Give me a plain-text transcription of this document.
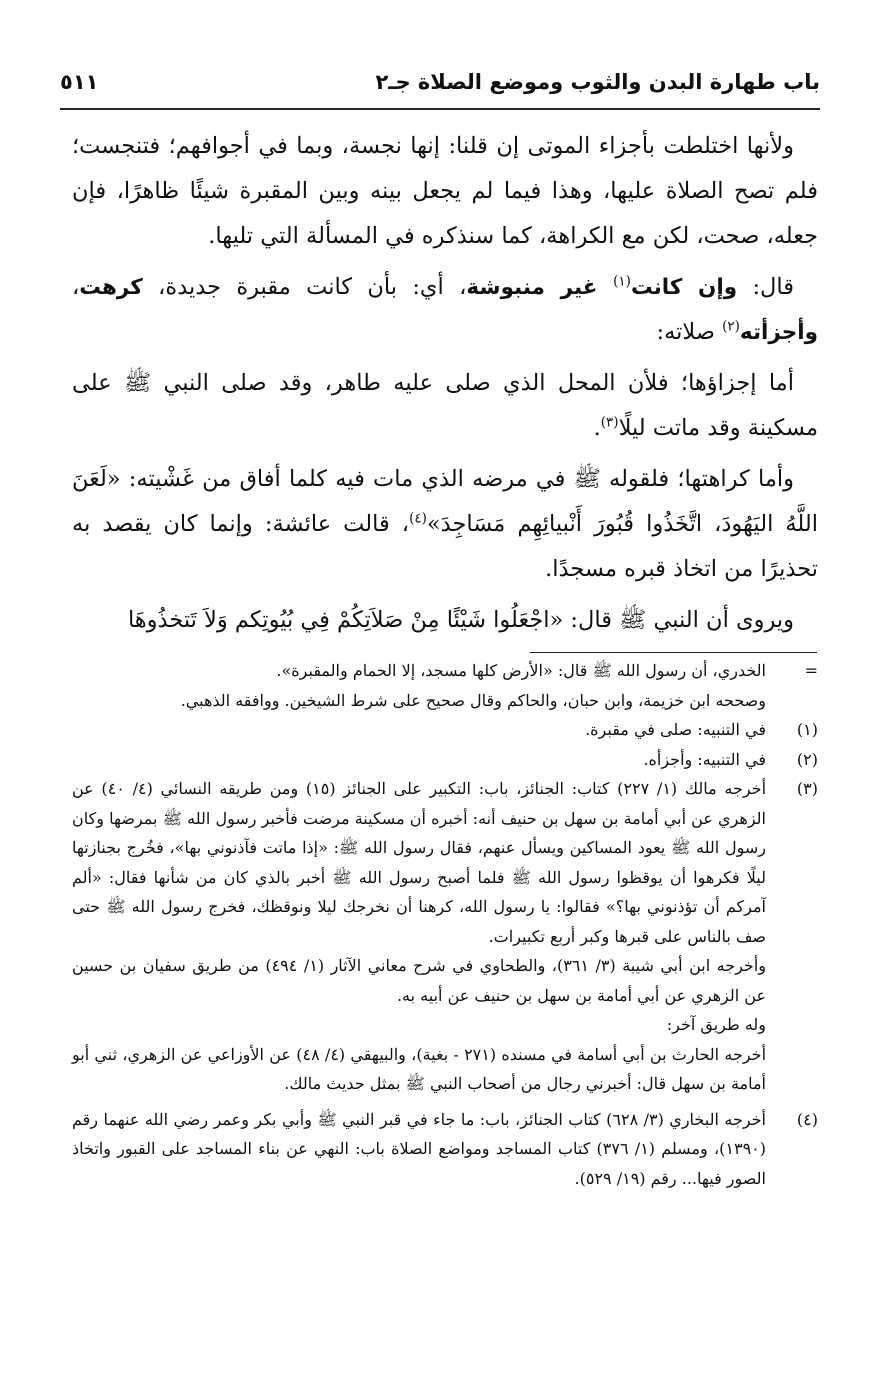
باب طهارة البدن والثوب وموضع الصلاة جـ٢
٥١١

ولأنها اختلطت بأجزاء الموتى إن قلنا: إنها نجسة، وبما في أجوافهم؛ فتنجست؛ فلم تصح الصلاة عليها، وهذا فيما لم يجعل بينه وبين المقبرة شيئًا ظاهرًا، فإن جعله، صحت، لكن مع الكراهة، كما سنذكره في المسألة التي تليها.

قال: وإن كانت$^{(١)}$ غير منبوشة، أي: بأن كانت مقبرة جديدة، كرهت، وأجزأته$^{(٢)}$ صلاته:

أما إجزاؤها؛ فلأن المحل الذي صلى عليه طاهر، وقد صلى النبي ﷺ على مسكينة وقد ماتت ليلًا$^{(٣)}$.

وأما كراهتها؛ فلقوله ﷺ في مرضه الذي مات فيه كلما أفاق من غَشْيته: «لَعَنَ اللَّهُ اليَهُودَ، اتَّخَذُوا قُبُورَ أَنْبيائِهِم مَسَاجِدَ»$^{(٤)}$، قالت عائشة: وإنما كان يقصد به تحذيرًا من اتخاذ قبره مسجدًا.

ويروى أن النبي ﷺ قال: «اجْعَلُوا شَيْئًا مِنْ صَلاَتِكُمْ فِي بُيُوتِكم وَلاَ تَتخذُوهَا

=
الخدري، أن رسول الله ﷺ قال: «الأرض كلها مسجد، إلا الحمام والمقبرة».

وصححه ابن خزيمة، وابن حبان، والحاكم وقال صحيح على شرط الشيخين. ووافقه الذهبي.

(١)
في التنبيه: صلى في مقبرة.

(٢)
في التنبيه: وأجزأه.

(٣)
أخرجه مالك (١/ ٢٢٧) كتاب: الجنائز، باب: التكبير على الجنائز (١٥) ومن طريقه النسائي (٤/ ٤٠) عن الزهري عن أبي أمامة بن سهل بن حنيف أنه: أخبره أن مسكينة مرضت فأخبر رسول الله ﷺ بمرضها وكان رسول الله ﷺ يعود المساكين ويسأل عنهم، فقال رسول الله ﷺ: «إذا ماتت فآذنوني بها»، فخُرج بجنازتها ليلًا فكرهوا أن يوقظوا رسول الله ﷺ فلما أصبح رسول الله ﷺ أخبر بالذي كان من شأنها فقال: «ألم آمركم أن تؤذنوني بها؟» فقالوا: يا رسول الله، كرهنا أن نخرجك ليلا ونوقظك، فخرج رسول الله ﷺ حتى صف بالناس على قبرها وكبر أربع تكبيرات.

وأخرجه ابن أبي شيبة (٣/ ٣٦١)، والطحاوي في شرح معاني الآثار (١/ ٤٩٤) من طريق سفيان بن حسين عن الزهري عن أبي أمامة بن سهل بن حنيف عن أبيه به.

وله طريق آخر:

أخرجه الحارث بن أبي أسامة في مسنده (٢٧١ - بغية)، والبيهقي (٤/ ٤٨) عن الأوزاعي عن الزهري، ثني أبو أمامة بن سهل قال: أخبرني رجال من أصحاب النبي ﷺ بمثل حديث مالك.

(٤)
أخرجه البخاري (٣/ ٦٢٨) كتاب الجنائز، باب: ما جاء في قبر النبي ﷺ وأبي بكر وعمر رضي الله عنهما رقم (١٣٩٠)، ومسلم (١/ ٣٧٦) كتاب المساجد ومواضع الصلاة باب: النهي عن بناء المساجد على القبور واتخاذ الصور فيها... رقم (١٩/ ٥٢٩).
